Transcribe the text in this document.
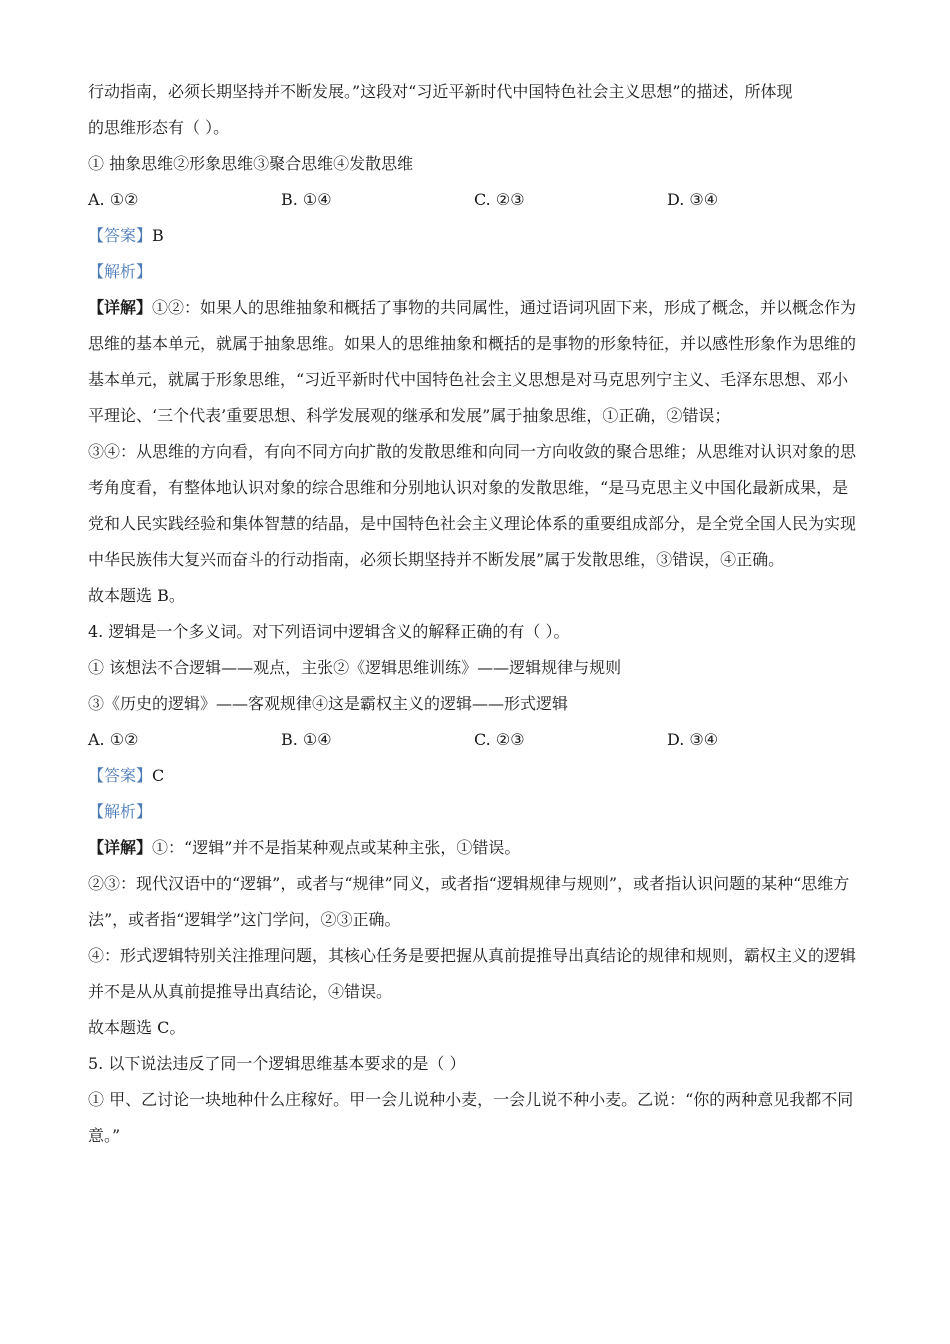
行动指南，必须长期坚持并不断发展。”这段对“习近平新时代中国特色社会主义思想”的描述，所体现
的思维形态有（ ）。
① 抽象思维②形象思维③聚合思维④发散思维
A. ①②	B. ①④	C. ②③	D. ③④
【答案】B
【解析】
【详解】①②：如果人的思维抽象和概括了事物的共同属性，通过语词巩固下来，形成了概念，并以概念作为思维的基本单元，就属于抽象思维。如果人的思维抽象和概括的是事物的形象特征，并以感性形象作为思维的基本单元，就属于形象思维，“习近平新时代中国特色社会主义思想是对马克思列宁主义、毛泽东思想、邓小平理论、‘三个代表’重要思想、科学发展观的继承和发展”属于抽象思维，①正确，②错误；
③④：从思维的方向看，有向不同方向扩散的发散思维和向同一方向收敛的聚合思维；从思维对认识对象的思考角度看，有整体地认识对象的综合思维和分别地认识对象的发散思维，“是马克思主义中国化最新成果，是党和人民实践经验和集体智慧的结晶，是中国特色社会主义理论体系的重要组成部分，是全党全国人民为实现中华民族伟大复兴而奋斗的行动指南，必须长期坚持并不断发展”属于发散思维，③错误，④正确。
故本题选 B。
4. 逻辑是一个多义词。对下列语词中逻辑含义的解释正确的有（ ）。
① 该想法不合逻辑——观点，主张②《逻辑思维训练》——逻辑规律与规则
③《历史的逻辑》——客观规律④这是霸权主义的逻辑——形式逻辑
A. ①②	B. ①④	C. ②③	D. ③④
【答案】C
【解析】
【详解】①：“逻辑”并不是指某种观点或某种主张，①错误。
②③：现代汉语中的“逻辑”，或者与“规律”同义，或者指“逻辑规律与规则”，或者指认识问题的某种“思维方法”，或者指“逻辑学”这门学问，②③正确。
④：形式逻辑特别关注推理问题，其核心任务是要把握从真前提推导出真结论的规律和规则，霸权主义的逻辑并不是从从真前提推导出真结论，④错误。
故本题选 C。
5. 以下说法违反了同一个逻辑思维基本要求的是（ ）
① 甲、乙讨论一块地种什么庄稼好。甲一会儿说种小麦，一会儿说不种小麦。乙说：“你的两种意见我都不同意。”
